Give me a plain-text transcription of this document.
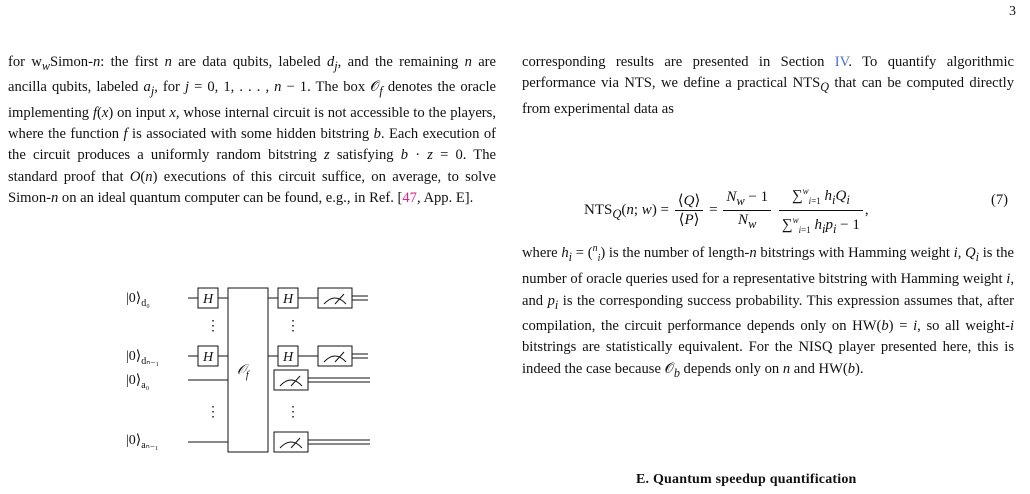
3

for $w_wSimon-n$: the first n are data qubits, labeled $d_j$, and the remaining n are ancilla qubits, labeled $a_j$, for j = 0, 1, . . . , n − 1. The box 𝒪$_f$ denotes the oracle implementing f(x) on input x, whose internal circuit is not accessible to the players, where the function f is associated with some hidden bitstring b. Each execution of the circuit produces a uniformly random bitstring z satisfying b · z = 0. The standard proof that O(n) executions of this circuit suffice, on average, to solve Simon-n on an ideal quantum computer can be found, e.g., in Ref. [47, App. E].

$|0⟩_{d_0}$
$|0⟩_{d_{n-1}}$
$|0⟩_{a_0}$
$|0⟩_{a_{n-1}}$
H
H
H
H
𝒪$_f$
⋮	⋮
⋮	⋮

corresponding results are presented in Section IV. To quantify algorithmic performance via NTS, we define a practical $NTS_Q$ that can be computed directly from experimental data as

$NTS_Q(n$; $w) = \frac{⟨Q⟩}{⟨P⟩} = \frac{N_w - 1}{N_w}$
$\frac{\sum^w_{i=1} h_iQ_i}{\sum^w_{i=1} h_ip_i - 1}$ ,
(7)

where $h_i = (^n_i)$ is the number of length-n bitstrings with Hamming weight i, $Q_i$ is the number of oracle queries used for a representative bitstring with Hamming weight i, and $p_i$ is the corresponding success probability. This expression assumes that, after compilation, the circuit performance depends only on HW(b) = i, so all weight-i bitstrings are statistically equivalent. For the NISQ player presented here, this is indeed the case because 𝒪$_b$ depends only on n and HW(b).

E. Quantum speedup quantification
